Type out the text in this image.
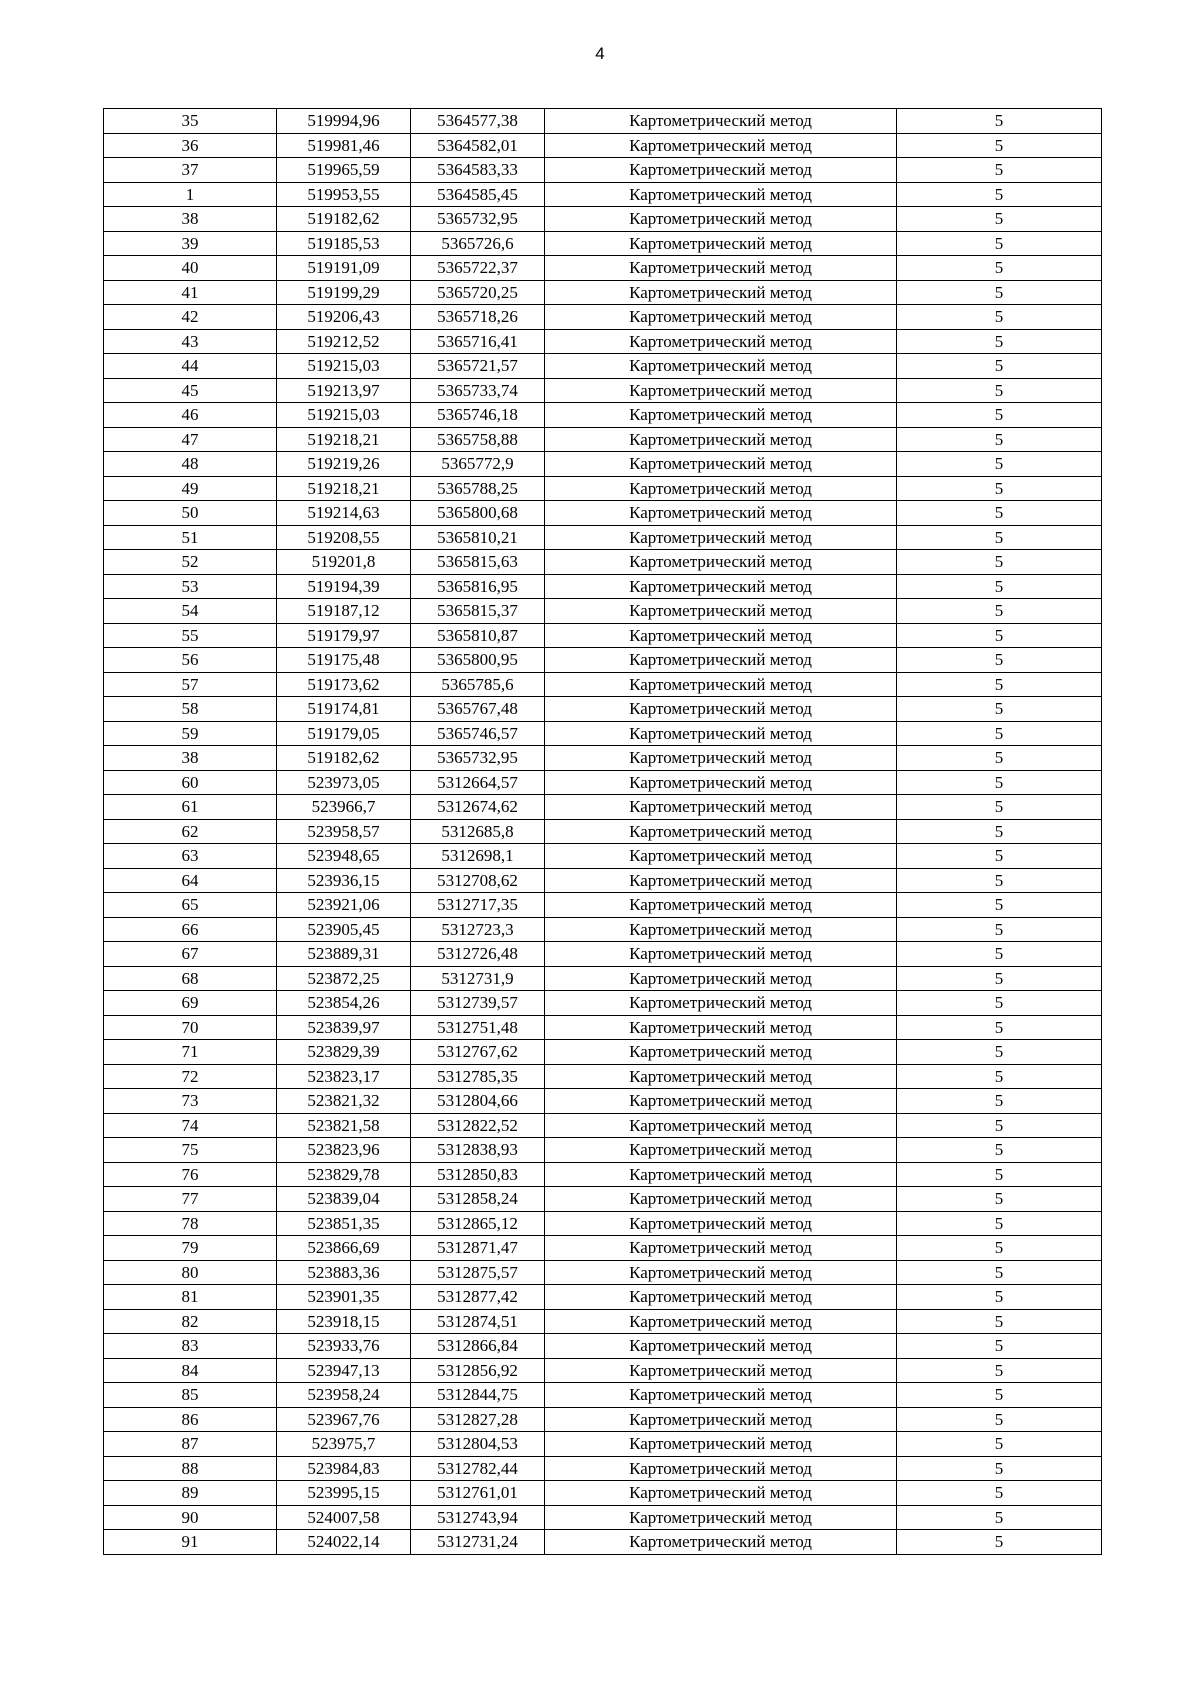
4
35	519994,96	5364577,38	Картометрический метод	5
36	519981,46	5364582,01	Картометрический метод	5
37	519965,59	5364583,33	Картометрический метод	5
1	519953,55	5364585,45	Картометрический метод	5
38	519182,62	5365732,95	Картометрический метод	5
39	519185,53	5365726,6	Картометрический метод	5
40	519191,09	5365722,37	Картометрический метод	5
41	519199,29	5365720,25	Картометрический метод	5
42	519206,43	5365718,26	Картометрический метод	5
43	519212,52	5365716,41	Картометрический метод	5
44	519215,03	5365721,57	Картометрический метод	5
45	519213,97	5365733,74	Картометрический метод	5
46	519215,03	5365746,18	Картометрический метод	5
47	519218,21	5365758,88	Картометрический метод	5
48	519219,26	5365772,9	Картометрический метод	5
49	519218,21	5365788,25	Картометрический метод	5
50	519214,63	5365800,68	Картометрический метод	5
51	519208,55	5365810,21	Картометрический метод	5
52	519201,8	5365815,63	Картометрический метод	5
53	519194,39	5365816,95	Картометрический метод	5
54	519187,12	5365815,37	Картометрический метод	5
55	519179,97	5365810,87	Картометрический метод	5
56	519175,48	5365800,95	Картометрический метод	5
57	519173,62	5365785,6	Картометрический метод	5
58	519174,81	5365767,48	Картометрический метод	5
59	519179,05	5365746,57	Картометрический метод	5
38	519182,62	5365732,95	Картометрический метод	5
60	523973,05	5312664,57	Картометрический метод	5
61	523966,7	5312674,62	Картометрический метод	5
62	523958,57	5312685,8	Картометрический метод	5
63	523948,65	5312698,1	Картометрический метод	5
64	523936,15	5312708,62	Картометрический метод	5
65	523921,06	5312717,35	Картометрический метод	5
66	523905,45	5312723,3	Картометрический метод	5
67	523889,31	5312726,48	Картометрический метод	5
68	523872,25	5312731,9	Картометрический метод	5
69	523854,26	5312739,57	Картометрический метод	5
70	523839,97	5312751,48	Картометрический метод	5
71	523829,39	5312767,62	Картометрический метод	5
72	523823,17	5312785,35	Картометрический метод	5
73	523821,32	5312804,66	Картометрический метод	5
74	523821,58	5312822,52	Картометрический метод	5
75	523823,96	5312838,93	Картометрический метод	5
76	523829,78	5312850,83	Картометрический метод	5
77	523839,04	5312858,24	Картометрический метод	5
78	523851,35	5312865,12	Картометрический метод	5
79	523866,69	5312871,47	Картометрический метод	5
80	523883,36	5312875,57	Картометрический метод	5
81	523901,35	5312877,42	Картометрический метод	5
82	523918,15	5312874,51	Картометрический метод	5
83	523933,76	5312866,84	Картометрический метод	5
84	523947,13	5312856,92	Картометрический метод	5
85	523958,24	5312844,75	Картометрический метод	5
86	523967,76	5312827,28	Картометрический метод	5
87	523975,7	5312804,53	Картометрический метод	5
88	523984,83	5312782,44	Картометрический метод	5
89	523995,15	5312761,01	Картометрический метод	5
90	524007,58	5312743,94	Картометрический метод	5
91	524022,14	5312731,24	Картометрический метод	5
